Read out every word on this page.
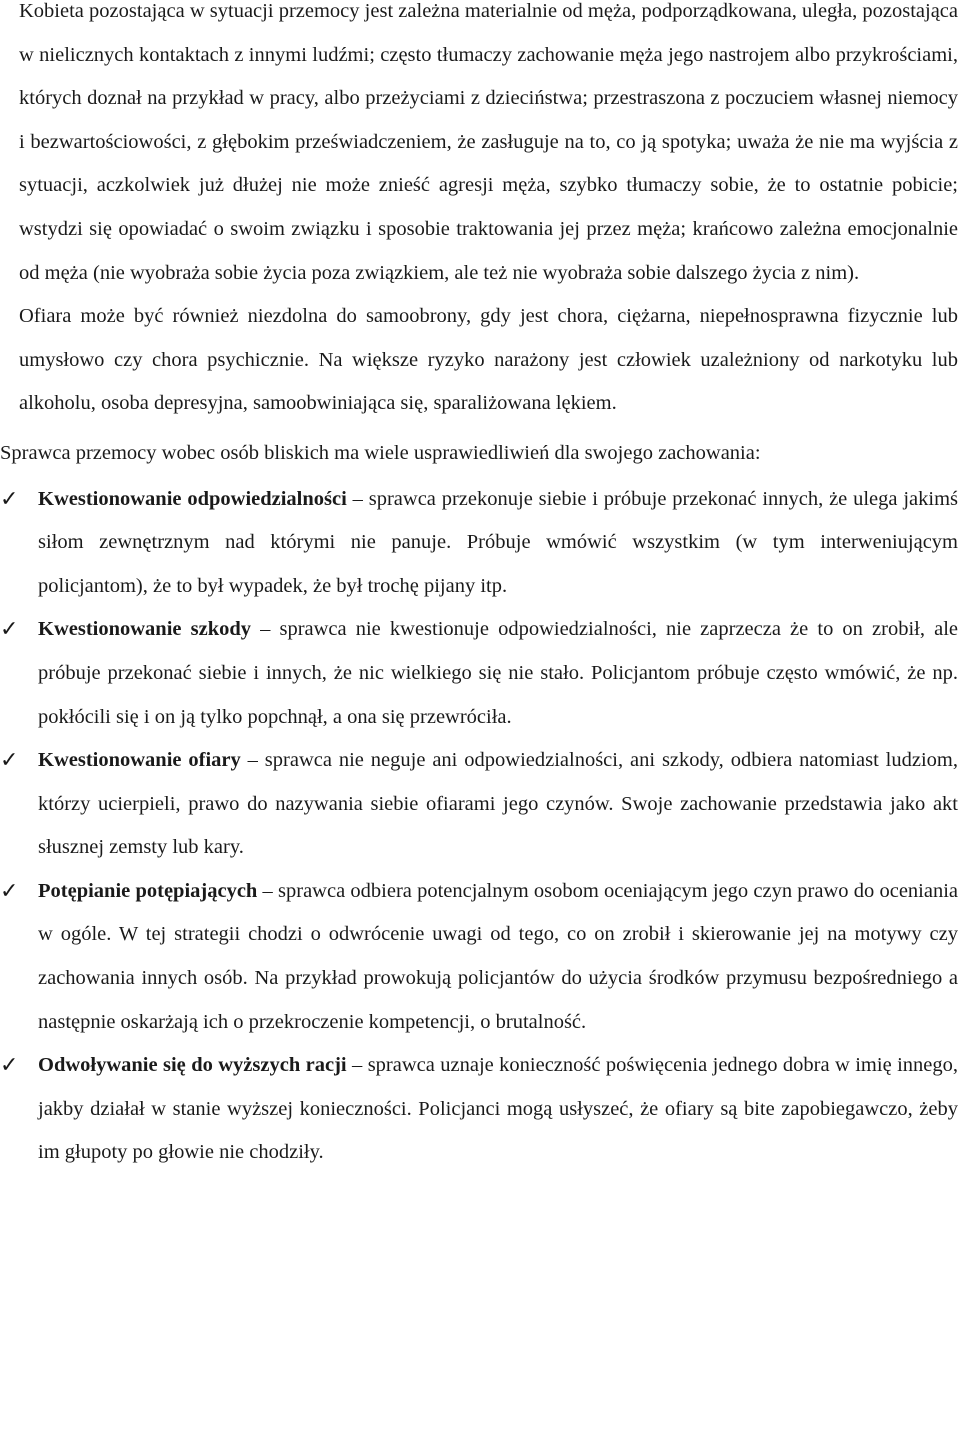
Kobieta pozostająca w sytuacji przemocy jest zależna materialnie od męża, podporządkowana, uległa, pozostająca w nielicznych kontaktach z innymi ludźmi; często tłumaczy zachowanie męża jego nastrojem albo przykrościami, których doznał na przykład w pracy, albo przeżyciami z dzieciństwa; przestraszona z poczuciem własnej niemocy i bezwartościowości, z głębokim przeświadczeniem, że zasługuje na to, co ją spotyka; uważa że nie ma wyjścia z sytuacji, aczkolwiek już dłużej nie może znieść agresji męża, szybko tłumaczy sobie, że to ostatnie pobicie; wstydzi się opowiadać o swoim związku i sposobie traktowania jej przez męża; krańcowo zależna emocjonalnie od męża (nie wyobraża sobie życia poza związkiem, ale też nie wyobraża sobie dalszego życia z nim).

Ofiara może być również niezdolna do samoobrony, gdy jest chora, ciężarna, niepełnosprawna fizycznie lub umysłowo czy chora psychicznie. Na większe ryzyko narażony jest człowiek uzależniony od narkotyku lub alkoholu, osoba depresyjna, samoobwiniająca się, sparaliżowana lękiem.

Sprawca przemocy wobec osób bliskich ma wiele usprawiedliwień dla swojego zachowania:

✓ Kwestionowanie odpowiedzialności – sprawca przekonuje siebie i próbuje przekonać innych, że ulega jakimś siłom zewnętrznym nad którymi nie panuje. Próbuje wmówić wszystkim (w tym interweniującym policjantom), że to był wypadek, że był trochę pijany itp.
✓ Kwestionowanie szkody – sprawca nie kwestionuje odpowiedzialności, nie zaprzecza że to on zrobił, ale próbuje przekonać siebie i innych, że nic wielkiego się nie stało. Policjantom próbuje często wmówić, że np. pokłócili się i on ją tylko popchnął, a ona się przewróciła.
✓ Kwestionowanie ofiary – sprawca nie neguje ani odpowiedzialności, ani szkody, odbiera natomiast ludziom, którzy ucierpieli, prawo do nazywania siebie ofiarami jego czynów. Swoje zachowanie przedstawia jako akt słusznej zemsty lub kary.
✓ Potępianie potępiających – sprawca odbiera potencjalnym osobom oceniającym jego czyn prawo do oceniania w ogóle. W tej strategii chodzi o odwrócenie uwagi od tego, co on zrobił i skierowanie jej na motywy czy zachowania innych osób. Na przykład prowokują policjantów do użycia środków przymusu bezpośredniego a następnie oskarżają ich o przekroczenie kompetencji, o brutalność.
✓ Odwoływanie się do wyższych racji – sprawca uznaje konieczność poświęcenia jednego dobra w imię innego, jakby działał w stanie wyższej konieczności. Policjanci mogą usłyszeć, że ofiary są bite zapobiegawczo, żeby im głupoty po głowie nie chodziły.
